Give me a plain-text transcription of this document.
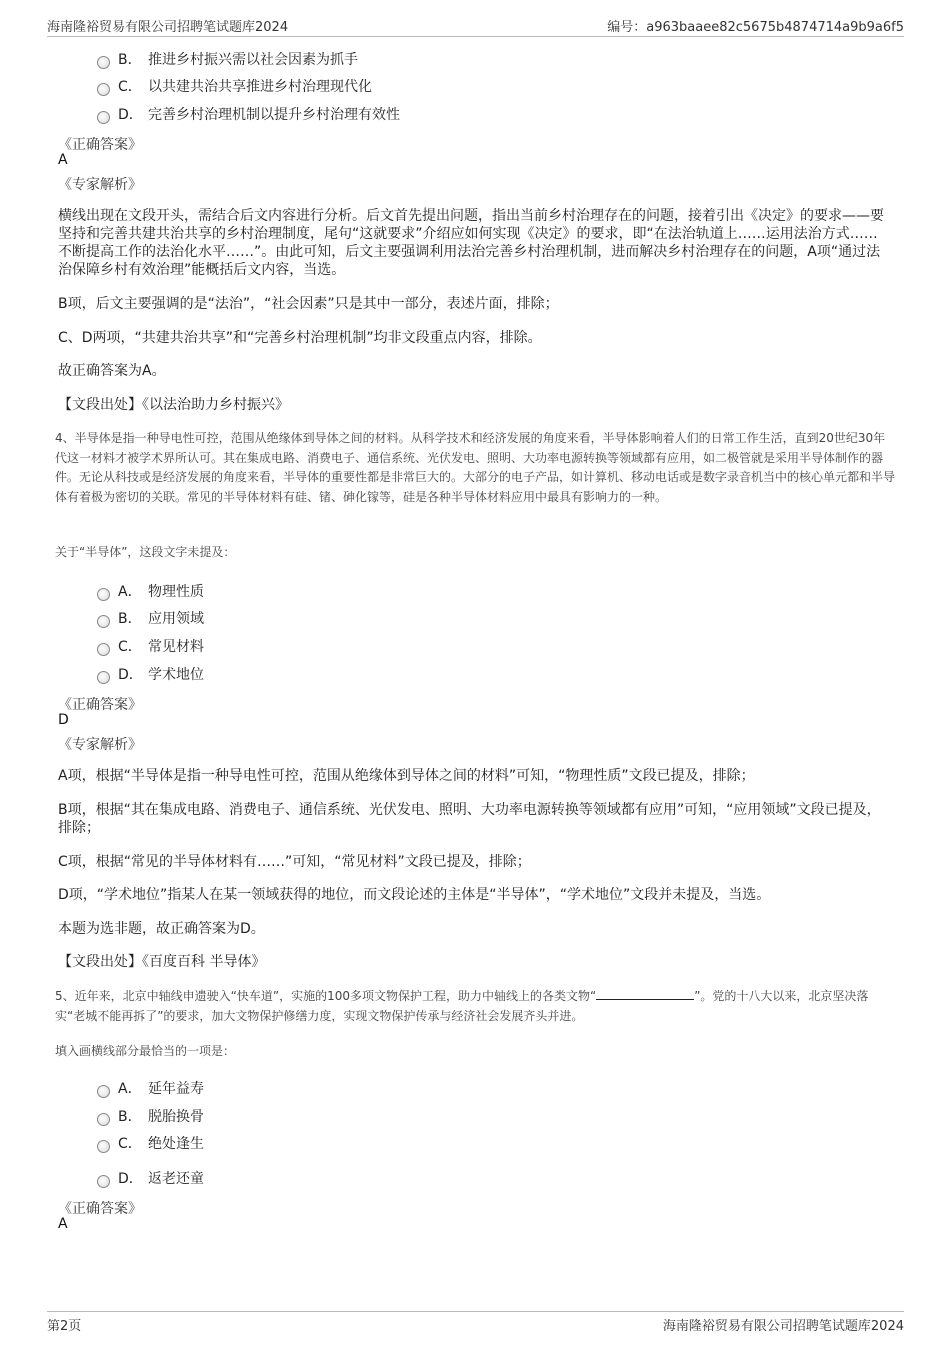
海南隆裕贸易有限公司招聘笔试题库2024	编号：a963baaee82c5675b4874714a9b9a6f5
B． 推进乡村振兴需以社会因素为抓手
C． 以共建共治共享推进乡村治理现代化
D． 完善乡村治理机制以提升乡村治理有效性
《正确答案》
A
《专家解析》
横线出现在文段开头，需结合后文内容进行分析。后文首先提出问题，指出当前乡村治理存在的问题，接着引出《决定》的要求——要坚持和完善共建共治共享的乡村治理制度，尾句“这就要求”介绍应如何实现《决定》的要求，即“在法治轨道上……运用法治方式……不断提高工作的法治化水平……”。由此可知，后文主要强调利用法治完善乡村治理机制，进而解决乡村治理存在的问题，A项“通过法治保障乡村有效治理”能概括后文内容，当选。
B项，后文主要强调的是“法治”，“社会因素”只是其中一部分，表述片面，排除；
C、D两项，“共建共治共享”和“完善乡村治理机制”均非文段重点内容，排除。
故正确答案为A。
【文段出处】《以法治助力乡村振兴》
4、半导体是指一种导电性可控，范围从绝缘体到导体之间的材料。从科学技术和经济发展的角度来看，半导体影响着人们的日常工作生活，直到20世纪30年代这一材料才被学术界所认可。其在集成电路、消费电子、通信系统、光伏发电、照明、大功率电源转换等领域都有应用，如二极管就是采用半导体制作的器件。无论从科技或是经济发展的角度来看，半导体的重要性都是非常巨大的。大部分的电子产品，如计算机、移动电话或是数字录音机当中的核心单元都和半导体有着极为密切的关联。常见的半导体材料有硅、锗、砷化镓等，硅是各种半导体材料应用中最具有影响力的一种。
关于“半导体”，这段文字未提及：
A． 物理性质
B． 应用领域
C． 常见材料
D． 学术地位
《正确答案》
D
《专家解析》
A项，根据“半导体是指一种导电性可控，范围从绝缘体到导体之间的材料”可知，“物理性质”文段已提及，排除；
B项，根据“其在集成电路、消费电子、通信系统、光伏发电、照明、大功率电源转换等领域都有应用”可知，“应用领域”文段已提及，排除；
C项，根据“常见的半导体材料有……”可知，“常见材料”文段已提及，排除；
D项，“学术地位”指某人在某一领域获得的地位，而文段论述的主体是“半导体”，“学术地位”文段并未提及，当选。
本题为选非题，故正确答案为D。
【文段出处】《百度百科 半导体》
5、近年来，北京中轴线申遗驶入“快车道”，实施的100多项文物保护工程，助力中轴线上的各类文物“	”。党的十八大以来，北京坚决落实“老城不能再拆了”的要求，加大文物保护修缮力度，实现文物保护传承与经济社会发展齐头并进。
填入画横线部分最恰当的一项是：
A． 延年益寿
B． 脱胎换骨
C． 绝处逢生
D． 返老还童
《正确答案》
A
第2页	海南隆裕贸易有限公司招聘笔试题库2024
